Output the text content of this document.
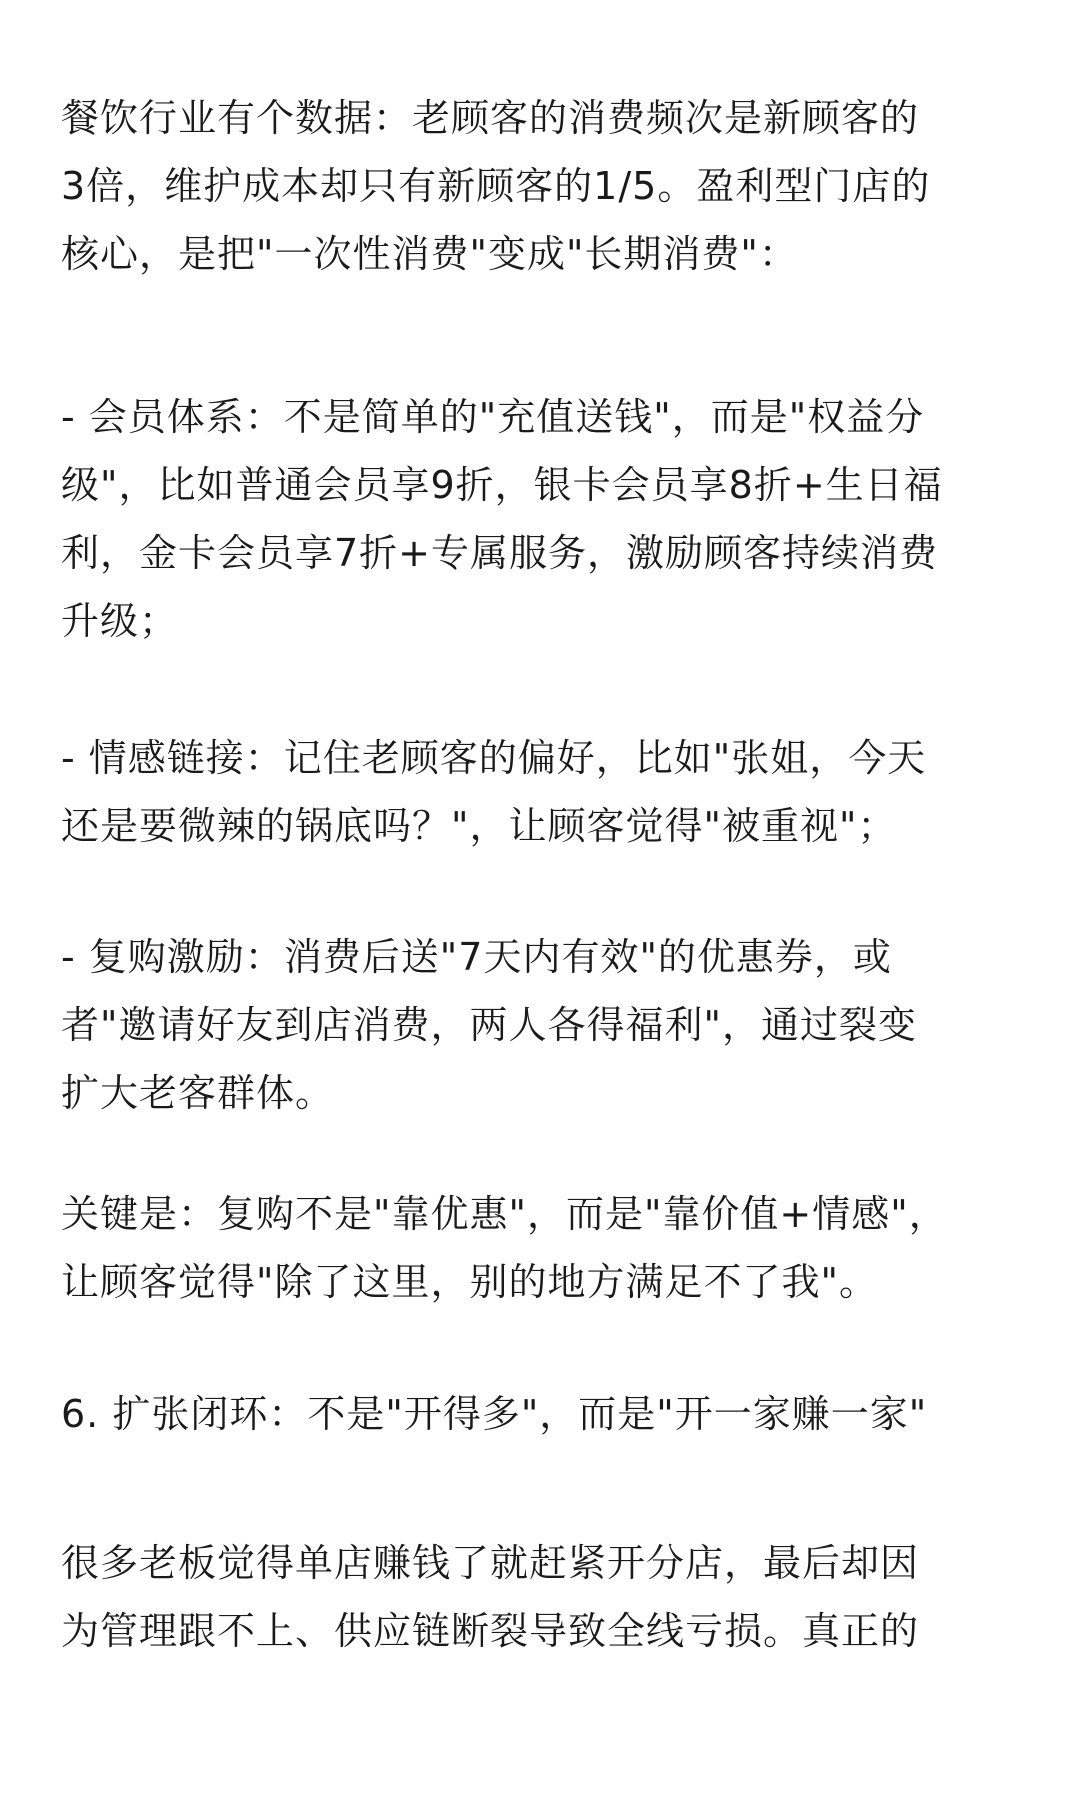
餐饮行业有个数据：老顾客的消费频次是新顾客的
3倍，维护成本却只有新顾客的1/5。盈利型门店的
核心，是把"一次性消费"变成"长期消费"：

- 会员体系：不是简单的"充值送钱"，而是"权益分
级"，比如普通会员享9折，银卡会员享8折+生日福
利，金卡会员享7折+专属服务，激励顾客持续消费
升级；

- 情感链接：记住老顾客的偏好，比如"张姐，今天
还是要微辣的锅底吗？"，让顾客觉得"被重视"；

- 复购激励：消费后送"7天内有效"的优惠券，或
者"邀请好友到店消费，两人各得福利"，通过裂变
扩大老客群体。

关键是：复购不是"靠优惠"，而是"靠价值+情感"，
让顾客觉得"除了这里，别的地方满足不了我"。

6. 扩张闭环：不是"开得多"，而是"开一家赚一家"

很多老板觉得单店赚钱了就赶紧开分店，最后却因
为管理跟不上、供应链断裂导致全线亏损。真正的
